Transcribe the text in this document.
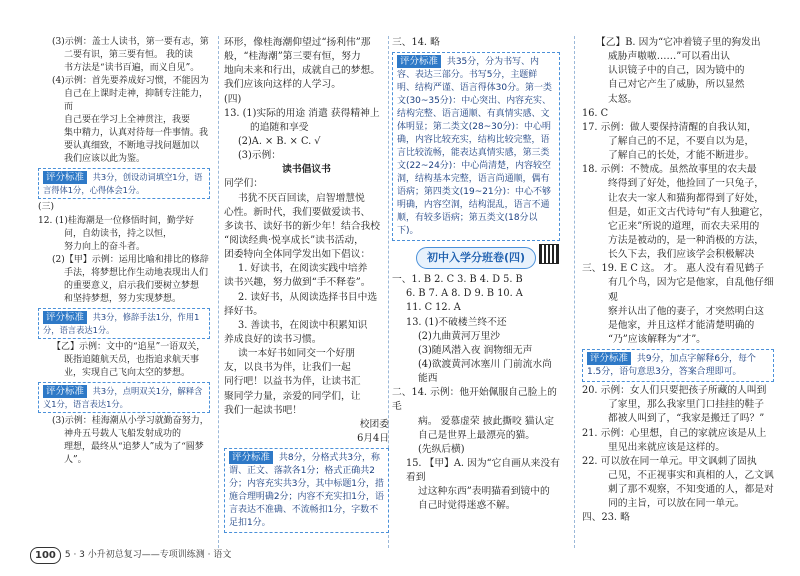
(3)示例：盖士人读书，第一要有志，第
二要有识，第三要有恒。 我的读
书方法是“读书百遍，而义自见”。
(4)示例：首先要养成好习惯，不能因为
自己在上课时走神，抑制专注能力，而
自己要在学习上全神贯注，我要
集中精力，认真对待每一件事情。我
要认真细致，不断地寻找问题加以
我们应该以此为鉴。
评分标准 共3分，创设动词填空1分，语言得体1分，心得体会1分。
(三)
12. (1)桂海潮是一位修悟时间，勤学好
问，自幼读书，持之以恒，
努力向上的奋斗者。
(2)【甲】示例：运用比喻和排比的修辞
手法，将梦想比作生动地表现出人们
的重要意义，启示我们要树立梦想
和坚持梦想，努力实现梦想。
评分标准 共3分，修辞手法1分，作用1分，语言表达1分。
【乙】示例：文中的“追星”一语双关，
既指追随航天员，也指追求航天事业，实现自己飞向太空的梦想。
评分标准 共3分，点明双关1分，解释含义1分，语言表达1分。
(3)示例：桂海潮从小学习就勤奋努力，
神舟五号载人飞船发射成功的
理想，最终从“追梦人”成为了“圆梦人”。
环形，像桂海潮仰望过“扬利伟”那
般，“桂海潮”第三要有恒，努力
地向未来和行出，成就自己的梦想。
我们应该向这样的人学习。
(四)
13. (1)实际的用途 消遣 获得精神上
的追随和享受
(2)A. × B. × C. √
(3)示例：
读书倡议书
同学们：
书犹不厌百回读，启智增慧悦
心性。新时代，我们要做爱读书、
多读书、读好书的新少年！结合我校
“阅读经典·悦享成长”读书活动，
团委特向全体同学发出如下倡议：
1. 好读书，在阅读实践中培养
读书兴趣，努力做到“手不释卷”。
2. 读好书，从阅读选择书目中选
择好书。
3. 善读书，在阅读中积累知识
养成良好的读书习惯。
读一本好书如同交一个好朋
友，以良书为伴，让我们一起
同行吧！以益书为伴，让读书汇
聚同学力量，亲爱的同学们，让
我们一起读书吧！
校团委
6月4日
评分标准 共8分，分格式共3分，称谓、正文、落款各1分；格式正确共2分；内容充实共3分，其中标题1分，措施合理明确2分；内容不充实扣1分，语言表达不准确、不流畅扣1分，字数不足扣1分。
三、14. 略
评分标准 共35分，分为书写、内容、表达三部分。书写5分，主题鲜明、结构严谨、语言得体30分。第一类文(30~35分)：中心突出、内容充实、结构完整、语言通顺、有真情实感、文体明显；第二类文(28~30分)：中心明确，内容比较充实，结构比较完整，语言比较流畅，能表达真情实感，第三类文(22~24分)：中心尚清楚，内容较空洞，结构基本完整，语言尚通顺，偶有语病；第四类文(19~21分)：中心不够明确，内容空洞，结构混乱，语言不通顺，有较多语病；第五类文(18分以下)。
初中入学分班卷(四)
一、1. B 2. C 3. B 4. D 5. B
6. B 7. A 8. D 9. B 10. A
11. C 12. A
13. (1)不破楼兰终不还
(2)九曲黄河万里沙
(3)随风潜入夜 润物细无声
(4)欲渡黄河冰塞川 门前流水尚
能西
二、14. 示例：他开始佩服自己脸上的毛
病。 爱慕虚荣 披此撕咬 猫认定
自己是世界上最漂亮的猫。
(先纵后横)
15. 【甲】A. 因为“它自画从来没有看到
过这种东西”表明猫看到镜中的
自己时觉得迷惑不解。
【乙】B. 因为“它冲着镜子里的狗发出
威胁声嗷嗷……”可以看出认
认识镜子中的自己，因为镜中的
自己对它产生了威胁，所以显然
太怒。
16. C
17. 示例：做人要保持清醒的自我认知，
了解自己的不足，不要自以为是，
了解自己的长处，才能不断进步。
18. 示例：不赞成。虽然故事里的农夫最
终得到了好处，他捡回了一只兔子，
让农夫一家人和猫狗都得到了好处，
但是，如正文古代诗句“有人独避它，
它正来”所说的道理，而农夫采用的
方法是被动的，是一种消极的方法，
长久下去，我们应该学会积极解决
三、19. E C 这。 才。 惠人没有看见鹤子
有几个鸟，因为它是他家，自乱他仔细观
察并认出了他的妻子，才突然明白这
是他家，并且这样才能清楚明确的
“乃”应该解释为“才”。
评分标准 共9分，加点字解释6分，每个1.5分，语句意思3分，答案合理即可。
20. 示例：女人们只要把孩子所藏的人叫到
了家里，那么我家里门口挂挂的鞋子
都被人叫到了，“我家是搬迁了吗？”
21. 示例：心里想，自己的家就应该是从上
里见出来就应该是这样的。
22. 可以放在同一单元。甲文讽刺了固执
己见，不正视事实和真相的人，乙文讽
刺了那不观察，不知变通的人，都是对
同的主旨，可以放在同一单元。
四、23. 略
100	5 · 3 小升初总复习——专项训练测 · 语文
